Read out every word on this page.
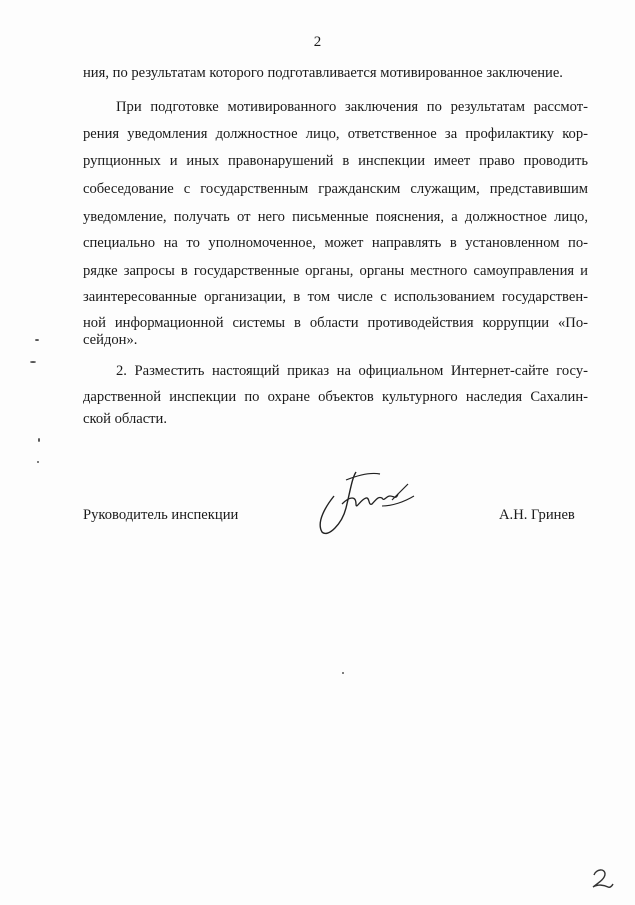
2
ния, по результатам которого подготавливается мотивированное заключение.
При подготовке мотивированного заключения по результатам рассмот-
рения уведомления должностное лицо, ответственное за профилактику кор-
рупционных и иных правонарушений в инспекции имеет право проводить
собеседование с государственным гражданским служащим, представившим
уведомление, получать от него письменные пояснения, а должностное лицо,
специально на то уполномоченное, может направлять в установленном по-
рядке запросы в государственные органы, органы местного самоуправления и
заинтересованные организации, в том числе с использованием государствен-
ной информационной системы в области противодействия коррупции «По-
сейдон».
2. Разместить настоящий приказ на официальном Интернет-сайте госу-
дарственной инспекции по охране объектов культурного наследия Сахалин-
ской области.
Руководитель инспекции	А.Н. Гринев
